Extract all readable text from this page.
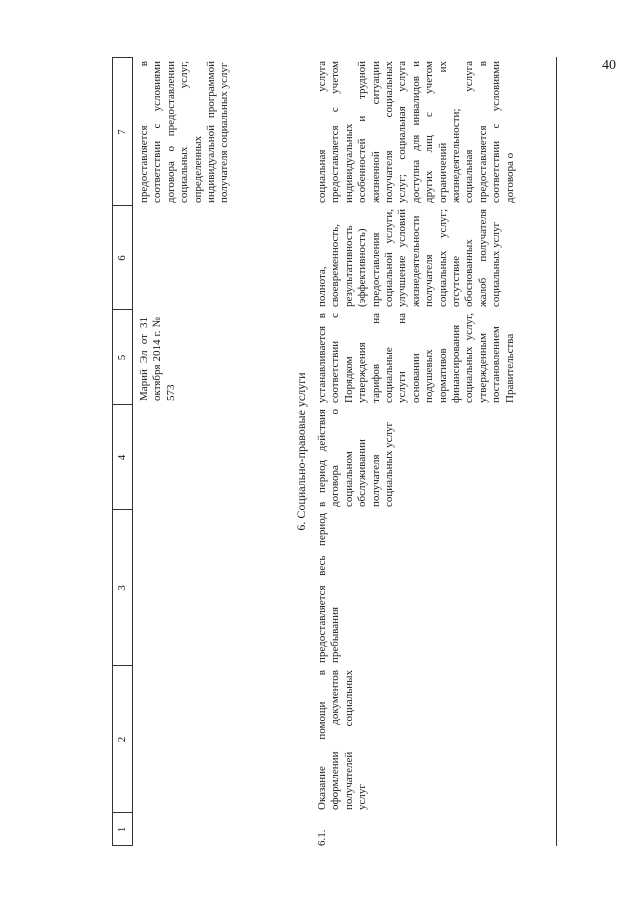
40
1
2
3
4
5
6
7
Марий Эл от 31 октября 2014 г. № 573
предоставляется в соответствии с условиями договора о предоставлении социальных услуг, определенных индивидуальной программой получателя социальных услуг
6. Социально-правовые услуги
6.1.
Оказание помощи в оформлении документов получателей социальных услуг
предоставляется весь период пребывания
в период действия договора о социальном обслуживании получателя социальных услуг
устанавливается в соответствии с Порядком утверждения тарифов на социальные услуги на основании подушевых нормативов финансирования социальных услуг, утвержденным постановлением Правительства
полнота, своевременность, результативность (эффективность) предоставления социальной услуги, улучшение условий жизнедеятельности получателя социальных услуг; отсутствие обоснованных жалоб получателя социальных услуг
социальная услуга предоставляется с учетом индивидуальных особенностей и трудной жизненной ситуации получателя социальных услуг; социальная услуга доступна для инвалидов и других лиц с учетом ограничений их жизнедеятельности; социальная услуга предоставляется в соответствии с условиями договора о
